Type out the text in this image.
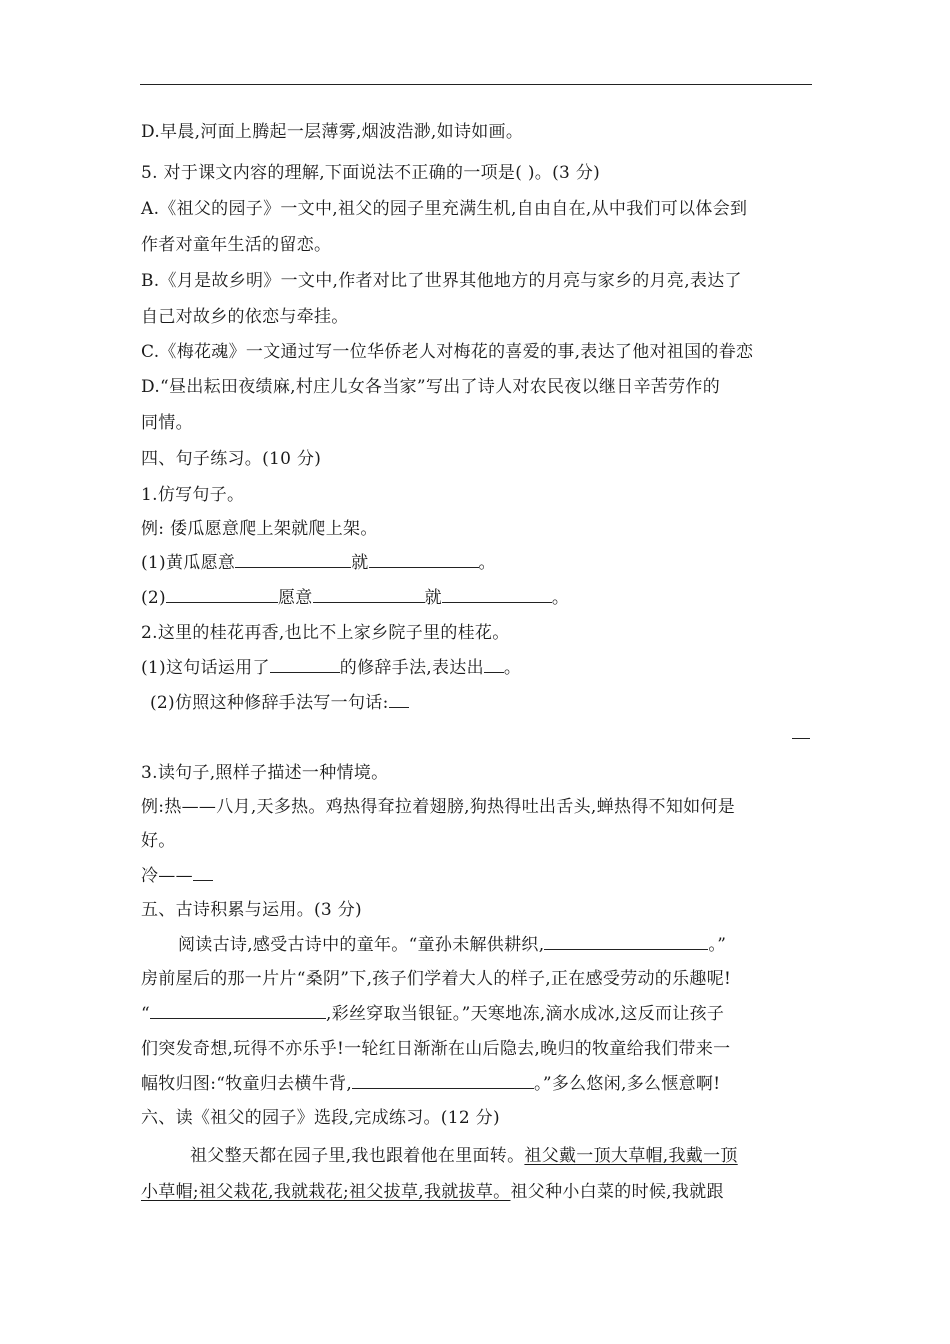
D.早晨,河面上腾起一层薄雾,烟波浩渺,如诗如画。
5. 对于课文内容的理解,下面说法不正确的一项是( )。(3 分)
A.《祖父的园子》一文中,祖父的园子里充满生机,自由自在,从中我们可以体会到
作者对童年生活的留恋。
B.《月是故乡明》一文中,作者对比了世界其他地方的月亮与家乡的月亮,表达了
自己对故乡的依恋与牵挂。
C.《梅花魂》一文通过写一位华侨老人对梅花的喜爱的事,表达了他对祖国的眷恋
D.“昼出耘田夜绩麻,村庄儿女各当家”写出了诗人对农民夜以继日辛苦劳作的
同情。
四、句子练习。(10 分)
1.仿写句子。
例: 倭瓜愿意爬上架就爬上架。
(1)黄瓜愿意	就	。
(2)	愿意	就	。
2.这里的桂花再香,也比不上家乡院子里的桂花。
(1)这句话运用了	的修辞手法,表达出 。
(2)仿照这种修辞手法写一句话:
3.读句子,照样子描述一种情境。
例:热——八月,天多热。鸡热得耷拉着翅膀,狗热得吐出舌头,蝉热得不知如何是
好。
冷——
五、古诗积累与运用。(3 分)
阅读古诗,感受古诗中的童年。“童孙未解供耕织,	。”
房前屋后的那一片片“桑阴”下,孩子们学着大人的样子,正在感受劳动的乐趣呢!
“	,彩丝穿取当银钲。”天寒地冻,滴水成冰,这反而让孩子
们突发奇想,玩得不亦乐乎!一轮红日渐渐在山后隐去,晚归的牧童给我们带来一
幅牧归图:“牧童归去横牛背,	。”多么悠闲,多么惬意啊!
六、读《祖父的园子》选段,完成练习。(12 分)
祖父整天都在园子里,我也跟着他在里面转。祖父戴一顶大草帽,我戴一顶
小草帽;祖父栽花,我就栽花;祖父拔草,我就拔草。祖父种小白菜的时候,我就跟
